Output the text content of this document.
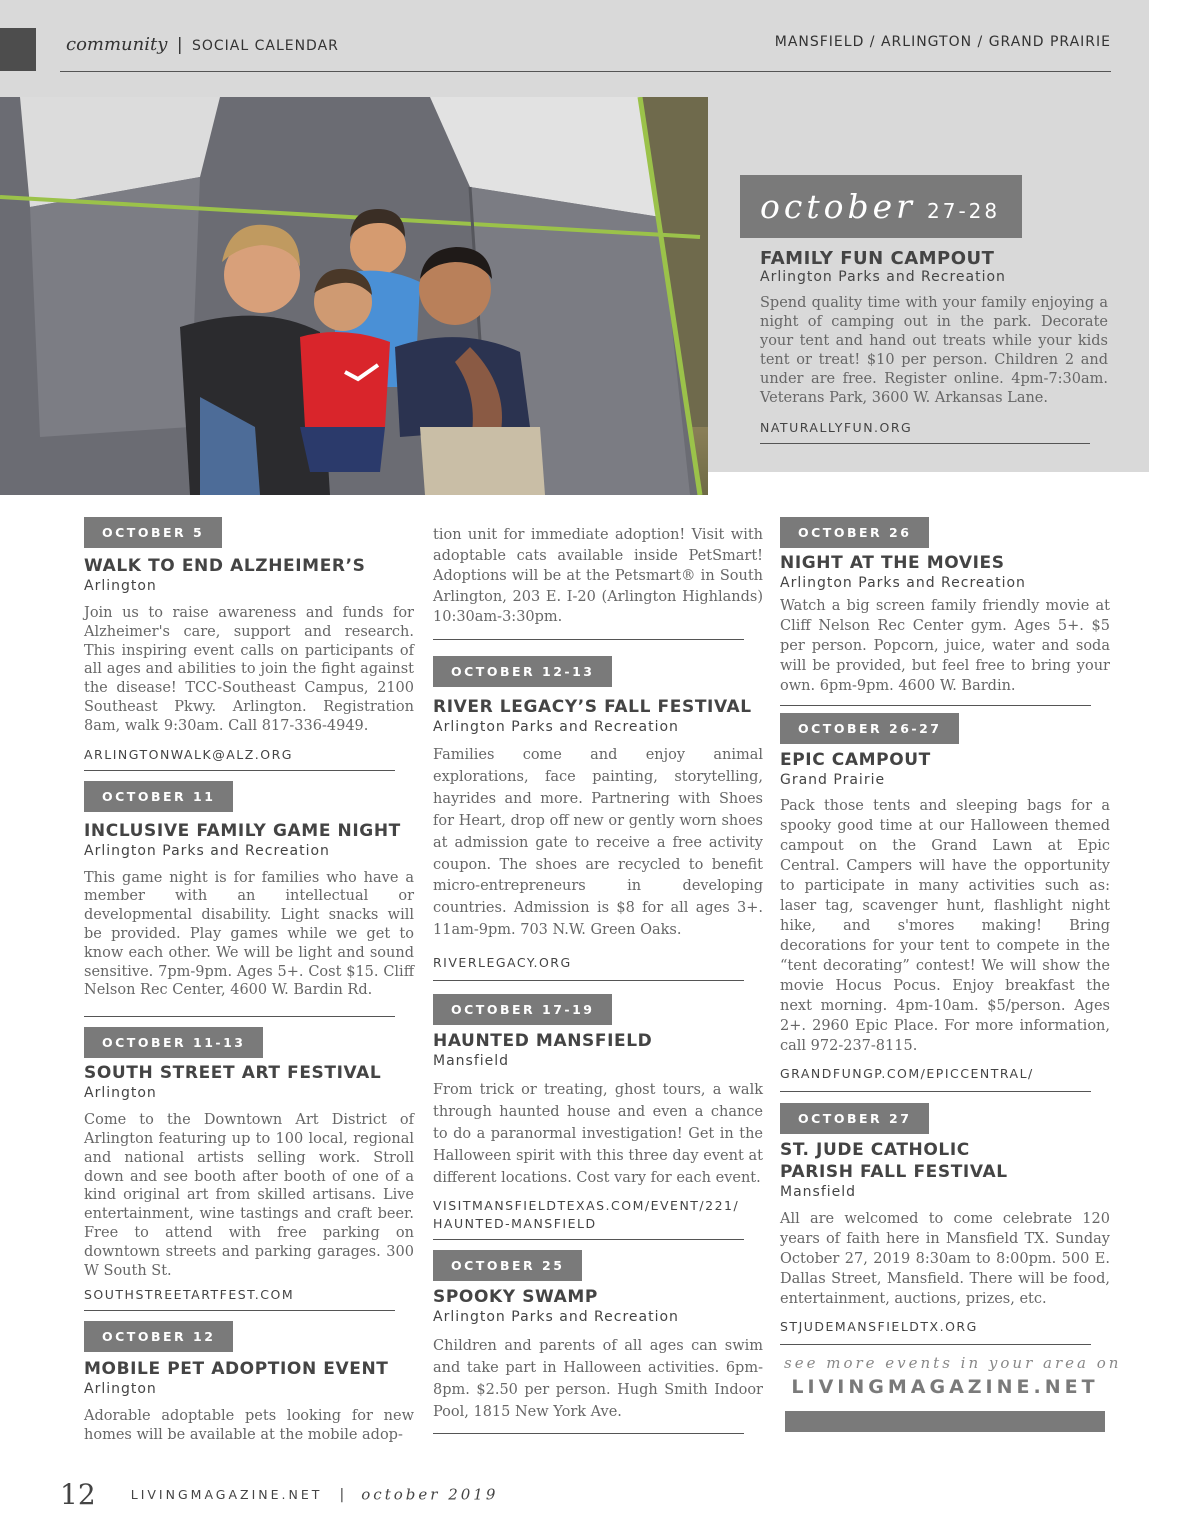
community | SOCIAL CALENDAR	MANSFIELD / ARLINGTON / GRAND PRAIRIE
october 27-28
FAMILY FUN CAMPOUT
Arlington Parks and Recreation
Spend quality time with your family enjoying a night of camping out in the park. Decorate your tent and hand out treats while your kids tent or treat! $10 per person. Children 2 and under are free. Register online. 4pm-7:30am. Veterans Park, 3600 W. Arkansas Lane.
NATURALLYFUN.ORG
OCTOBER 5
WALK TO END ALZHEIMER’S
Arlington
Join us to raise awareness and funds for Alzheimer's care, support and research. This inspiring event calls on participants of all ages and abilities to join the fight against the disease! TCC-Southeast Campus, 2100 Southeast Pkwy. Arlington. Registration 8am, walk 9:30am. Call 817-336-4949.
ARLINGTONWALK@ALZ.ORG
OCTOBER 11
INCLUSIVE FAMILY GAME NIGHT
Arlington Parks and Recreation
This game night is for families who have a member with an intellectual or developmental disability. Light snacks will be provided. Play games while we get to know each other. We will be light and sound sensitive. 7pm-9pm. Ages 5+. Cost $15. Cliff Nelson Rec Center, 4600 W. Bardin Rd.
OCTOBER 11-13
SOUTH STREET ART FESTIVAL
Arlington
Come to the Downtown Art District of Arlington featuring up to 100 local, regional and national artists selling work. Stroll down and see booth after booth of one of a kind original art from skilled artisans. Live entertainment, wine tastings and craft beer. Free to attend with free parking on downtown streets and parking garages. 300 W South St.
SOUTHSTREETARTFEST.COM
OCTOBER 12
MOBILE PET ADOPTION EVENT
Arlington
Adorable adoptable pets looking for new homes will be available at the mobile adop-
tion unit for immediate adoption! Visit with adoptable cats available inside PetSmart! Adoptions will be at the Petsmart® in South Arlington, 203 E. I-20 (Arlington Highlands) 10:30am-3:30pm.
OCTOBER 12-13
RIVER LEGACY’S FALL FESTIVAL
Arlington Parks and Recreation
Families come and enjoy animal explorations, face painting, storytelling, hayrides and more. Partnering with Shoes for Heart, drop off new or gently worn shoes at admission gate to receive a free activity coupon. The shoes are recycled to benefit micro-entrepreneurs in developing countries. Admission is $8 for all ages 3+. 11am-9pm. 703 N.W. Green Oaks.
RIVERLEGACY.ORG
OCTOBER 17-19
HAUNTED MANSFIELD
Mansfield
From trick or treating, ghost tours, a walk through haunted house and even a chance to do a paranormal investigation! Get in the Halloween spirit with this three day event at different locations. Cost vary for each event.
VISITMANSFIELDTEXAS.COM/EVENT/221/ HAUNTED-MANSFIELD
OCTOBER 25
SPOOKY SWAMP
Arlington Parks and Recreation
Children and parents of all ages can swim and take part in Halloween activities. 6pm-8pm. $2.50 per person. Hugh Smith Indoor Pool, 1815 New York Ave.
OCTOBER 26
NIGHT AT THE MOVIES
Arlington Parks and Recreation
Watch a big screen family friendly movie at Cliff Nelson Rec Center gym. Ages 5+. $5 per person. Popcorn, juice, water and soda will be provided, but feel free to bring your own. 6pm-9pm. 4600 W. Bardin.
OCTOBER 26-27
EPIC CAMPOUT
Grand Prairie
Pack those tents and sleeping bags for a spooky good time at our Halloween themed campout on the Grand Lawn at Epic Central. Campers will have the opportunity to participate in many activities such as: laser tag, scavenger hunt, flashlight night hike, and s'mores making! Bring decorations for your tent to compete in the “tent decorating” contest! We will show the movie Hocus Pocus. Enjoy breakfast the next morning. 4pm-10am. $5/person. Ages 2+. 2960 Epic Place. For more information, call 972-237-8115.
GRANDFUNGP.COM/EPICCENTRAL/
OCTOBER 27
ST. JUDE CATHOLIC PARISH FALL FESTIVAL
Mansfield
All are welcomed to come celebrate 120 years of faith here in Mansfield TX. Sunday October 27, 2019 8:30am to 8:00pm. 500 E. Dallas Street, Mansfield. There will be food, entertainment, auctions, prizes, etc.
STJUDEMANSFIELDTX.ORG
see more events in your area on
LIVINGMAGAZINE.NET
12	LIVINGMAGAZINE.NET | october 2019
